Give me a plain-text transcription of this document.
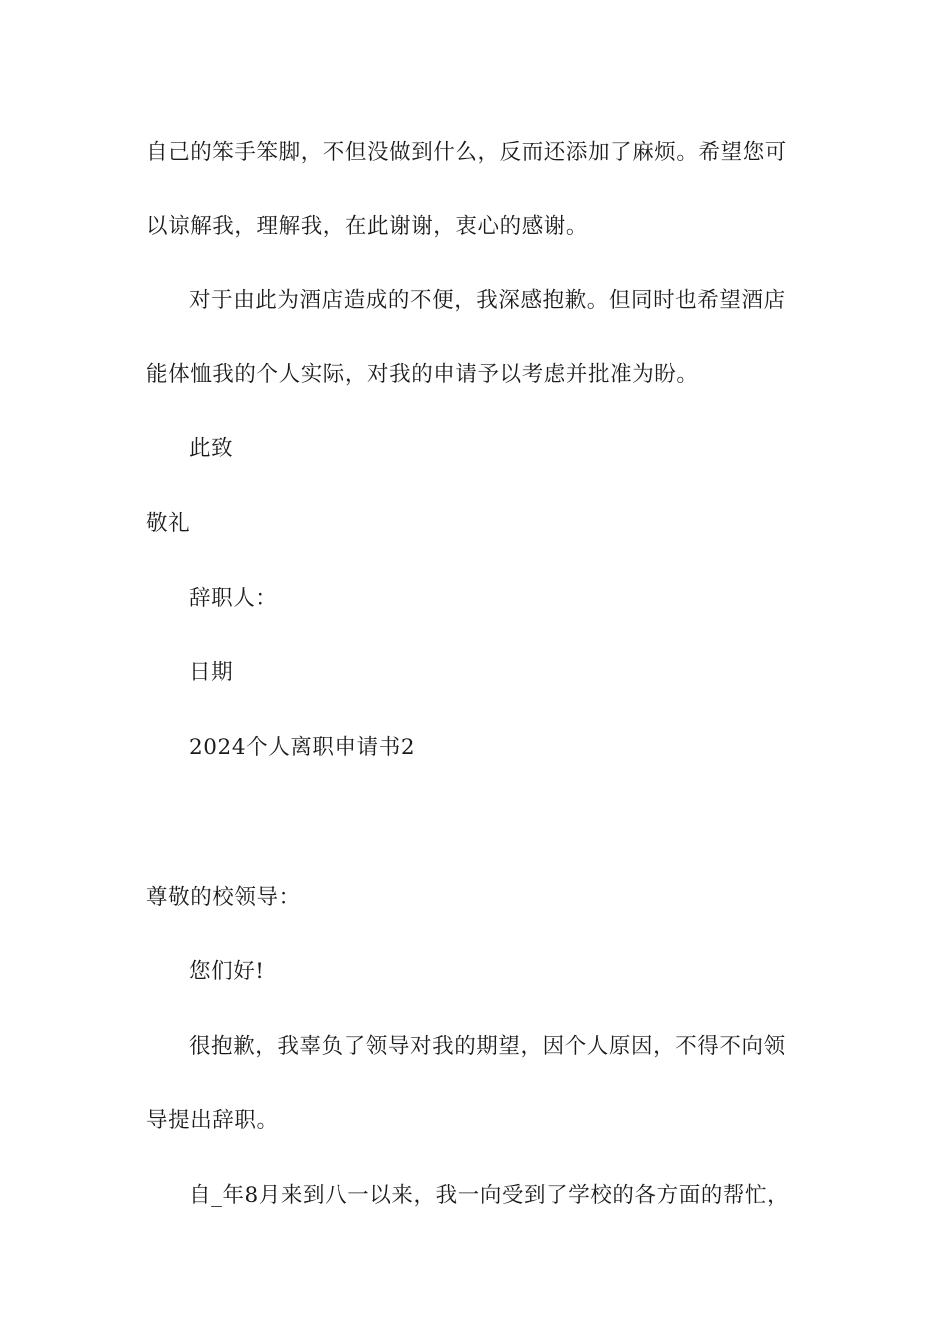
自己的笨手笨脚，不但没做到什么，反而还添加了麻烦。希望您可
以谅解我，理解我，在此谢谢，衷心的感谢。
对于由此为酒店造成的不便，我深感抱歉。但同时也希望酒店
能体恤我的个人实际，对我的申请予以考虑并批准为盼。
此致
敬礼
辞职人：
日期
2024个人离职申请书2
尊敬的校领导：
您们好!
很抱歉，我辜负了领导对我的期望，因个人原因，不得不向领
导提出辞职。
自_年8月来到八一以来，我一向受到了学校的各方面的帮忙，
